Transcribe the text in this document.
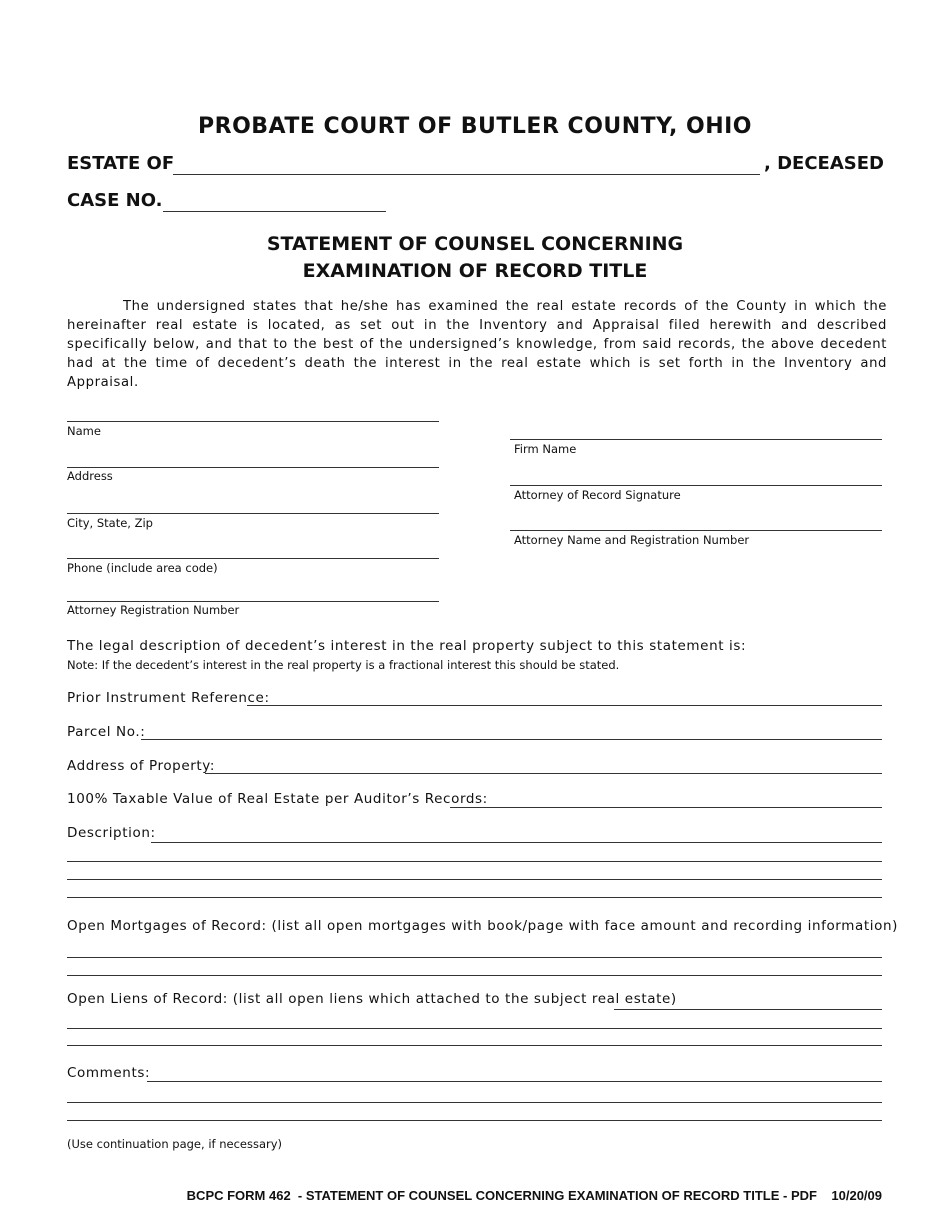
PROBATE COURT OF BUTLER COUNTY, OHIO
ESTATE OF	, DECEASED
CASE NO.
STATEMENT OF COUNSEL CONCERNING
EXAMINATION OF RECORD TITLE
The undersigned states that he/she has examined the real estate records of the County in which the hereinafter real estate is located, as set out in the Inventory and Appraisal filed herewith and described specifically below, and that to the best of the undersigned’s knowledge, from said records, the above decedent had at the time of decedent’s death the interest in the real estate which is set forth in the Inventory and Appraisal.
Name
Address
City, State, Zip
Phone (include area code)
Attorney Registration Number
Firm Name
Attorney of Record Signature
Attorney Name and Registration Number
The legal description of decedent’s interest in the real property subject to this statement is:
Note: If the decedent’s interest in the real property is a fractional interest this should be stated.
Prior Instrument Reference:
Parcel No.:
Address of Property:
100% Taxable Value of Real Estate per Auditor’s Records:
Description:
Open Mortgages of Record: (list all open mortgages with book/page with face amount and recording information)
Open Liens of Record: (list all open liens which attached to the subject real estate)
Comments:
(Use continuation page, if necessary)
BCPC FORM 462  - STATEMENT OF COUNSEL CONCERNING EXAMINATION OF RECORD TITLE - PDF    10/20/09
